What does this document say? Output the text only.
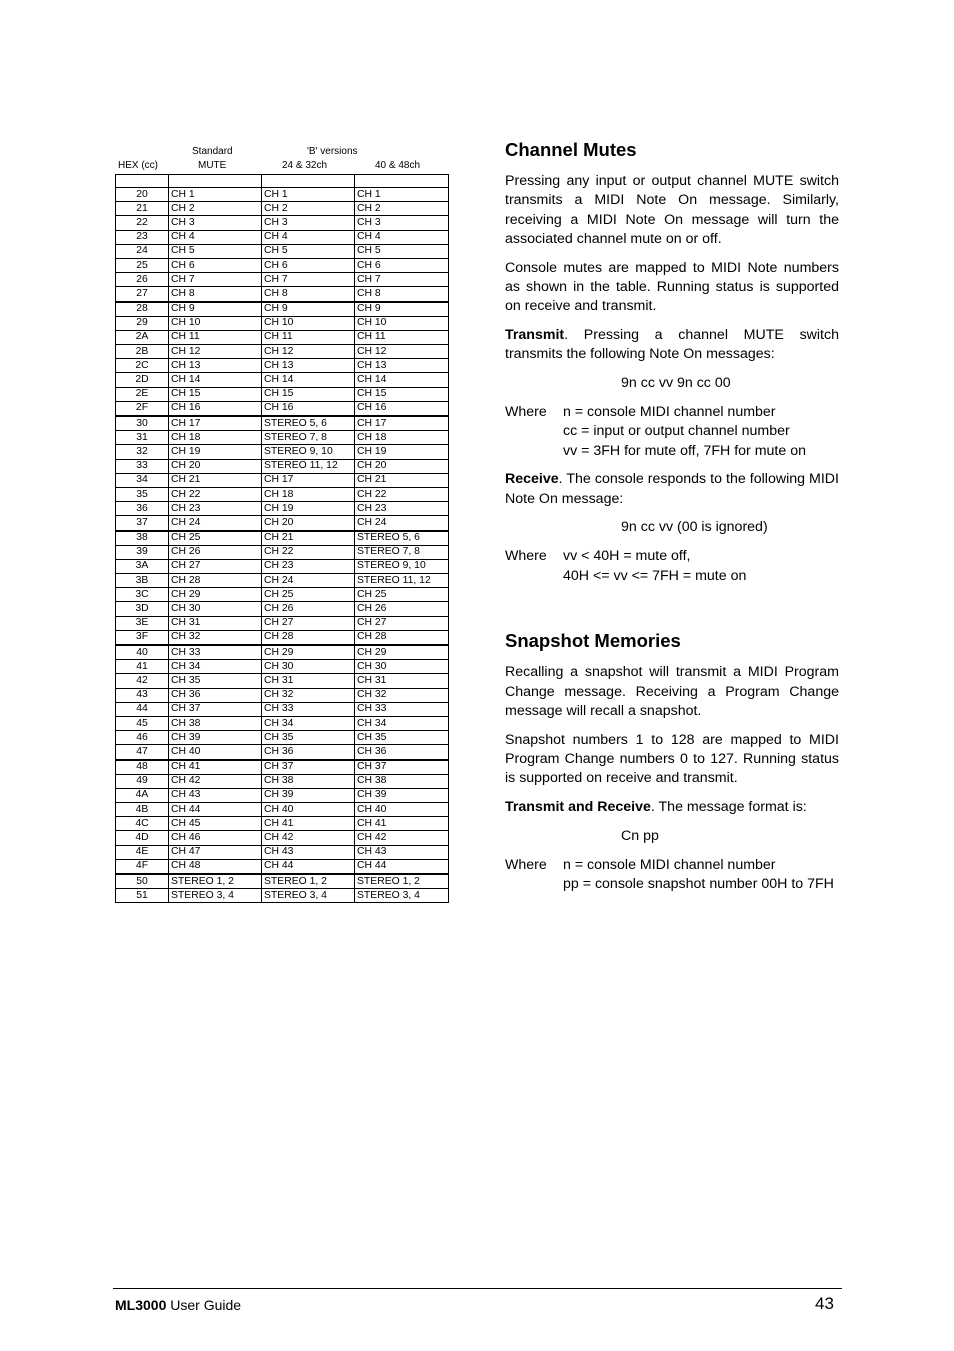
Standard	'B' versions
HEX (cc)	MUTE	24 & 32ch	40 & 48ch

20	CH 1	CH 1	CH 1
21	CH 2	CH 2	CH 2
22	CH 3	CH 3	CH 3
23	CH 4	CH 4	CH 4
24	CH 5	CH 5	CH 5
25	CH 6	CH 6	CH 6
26	CH 7	CH 7	CH 7
27	CH 8	CH 8	CH 8
28	CH 9	CH 9	CH 9
29	CH 10	CH 10	CH 10
2A	CH 11	CH 11	CH 11
2B	CH 12	CH 12	CH 12
2C	CH 13	CH 13	CH 13
2D	CH 14	CH 14	CH 14
2E	CH 15	CH 15	CH 15
2F	CH 16	CH 16	CH 16
30	CH 17	STEREO 5, 6	CH 17
31	CH 18	STEREO 7, 8	CH 18
32	CH 19	STEREO 9, 10	CH 19
33	CH 20	STEREO 11, 12	CH 20
34	CH 21	CH 17	CH 21
35	CH 22	CH 18	CH 22
36	CH 23	CH 19	CH 23
37	CH 24	CH 20	CH 24
38	CH 25	CH 21	STEREO 5, 6
39	CH 26	CH 22	STEREO 7, 8
3A	CH 27	CH 23	STEREO 9, 10
3B	CH 28	CH 24	STEREO 11, 12
3C	CH 29	CH 25	CH 25
3D	CH 30	CH 26	CH 26
3E	CH 31	CH 27	CH 27
3F	CH 32	CH 28	CH 28
40	CH 33	CH 29	CH 29
41	CH 34	CH 30	CH 30
42	CH 35	CH 31	CH 31
43	CH 36	CH 32	CH 32
44	CH 37	CH 33	CH 33
45	CH 38	CH 34	CH 34
46	CH 39	CH 35	CH 35
47	CH 40	CH 36	CH 36
48	CH 41	CH 37	CH 37
49	CH 42	CH 38	CH 38
4A	CH 43	CH 39	CH 39
4B	CH 44	CH 40	CH 40
4C	CH 45	CH 41	CH 41
4D	CH 46	CH 42	CH 42
4E	CH 47	CH 43	CH 43
4F	CH 48	CH 44	CH 44
50	STEREO 1, 2	STEREO 1, 2	STEREO 1, 2
51	STEREO 3, 4	STEREO 3, 4	STEREO 3, 4
Channel Mutes

Pressing any input or output channel MUTE switch transmits a MIDI Note On message. Similarly, receiving a MIDI Note On message will turn the associated channel mute on or off.

Console mutes are mapped to MIDI Note numbers as shown in the table. Running status is supported on receive and transmit.

Transmit. Pressing a channel MUTE switch transmits the following Note On messages:

9n cc vv 9n cc 00

Where n = console MIDI channel number
cc = input or output channel number
vv = 3FH for mute off, 7FH for mute on

Receive. The console responds to the following MIDI Note On message:

9n cc vv (00 is ignored)

Where vv < 40H = mute off,
40H <= vv <= 7FH = mute on
Snapshot Memories

Recalling a snapshot will transmit a MIDI Program Change message. Receiving a Program Change message will recall a snapshot.

Snapshot numbers 1 to 128 are mapped to MIDI Program Change numbers 0 to 127. Running status is supported on receive and transmit.

Transmit and Receive. The message format is:

Cn pp

Where n = console MIDI channel number
pp = console snapshot number 00H to 7FH
ML3000 User Guide	43
